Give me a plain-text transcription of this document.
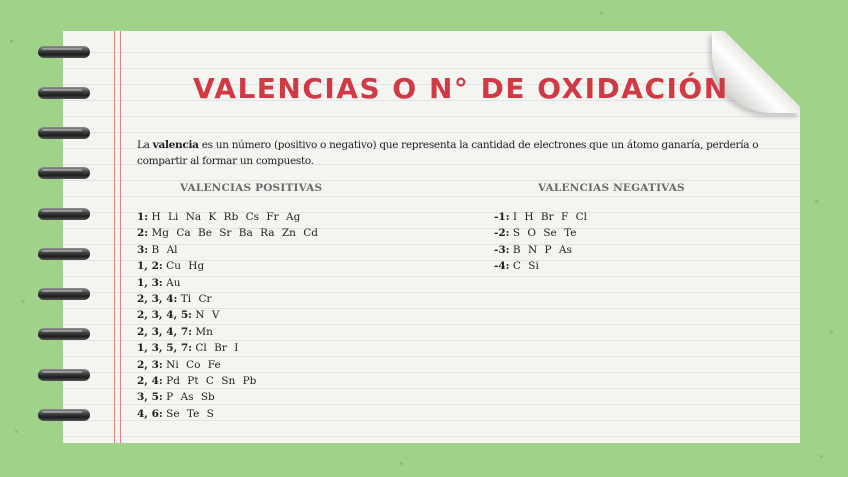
VALENCIAS O N° DE OXIDACIÓN

La valencia es un número (positivo o negativo) que representa la cantidad de electrones que un átomo ganaría, perdería o compartir al formar un compuesto.

VALENCIAS POSITIVAS	VALENCIAS NEGATIVAS
1: H Li Na K Rb Cs Fr Ag
2: Mg Ca Be Sr Ba Ra Zn Cd
3: B Al
1, 2: Cu Hg
1, 3: Au
2, 3, 4: Ti Cr
2, 3, 4, 5: N V
2, 3, 4, 7: Mn
1, 3, 5, 7: Cl Br I
2, 3: Ni Co Fe
2, 4: Pd Pt C Sn Pb
3, 5: P As Sb
4, 6: Se Te S
-1: I H Br F Cl
-2: S O Se Te
-3: B N P As
-4: C Si
